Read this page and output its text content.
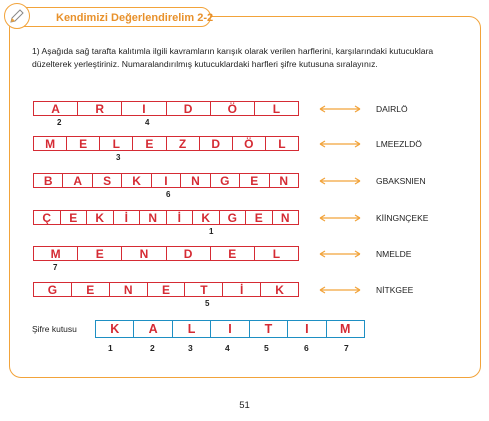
Kendimizi Değerlendirelim 2-2
1) Aşağıda sağ tarafta kalıtımla ilgili kavramların karışık olarak verilen harflerini, karşılarındaki kutucuklara düzelterek yerleştiriniz. Numaralandırılmış kutucuklardaki harfleri şifre kutusuna sıralayınız.
A	R	I	D	Ö	L
2	4
DAIRLÖ
M	E	L	E	Z	D	Ö	L
3
LMEEZLDÖ
B	A	S	K	I	N	G	E	N
6
GBAKSNIEN
Ç	E	K	İ	N	İ	K	G	E	N
1
KİİNGNÇEKE
M	E	N	D	E	L
7
NMELDE
G	E	N	E	T	İ	K
5
NİTKGEE
Şifre kutusu	K	A	L	I	T	I	M
1	2	3	4	5	6	7
51
